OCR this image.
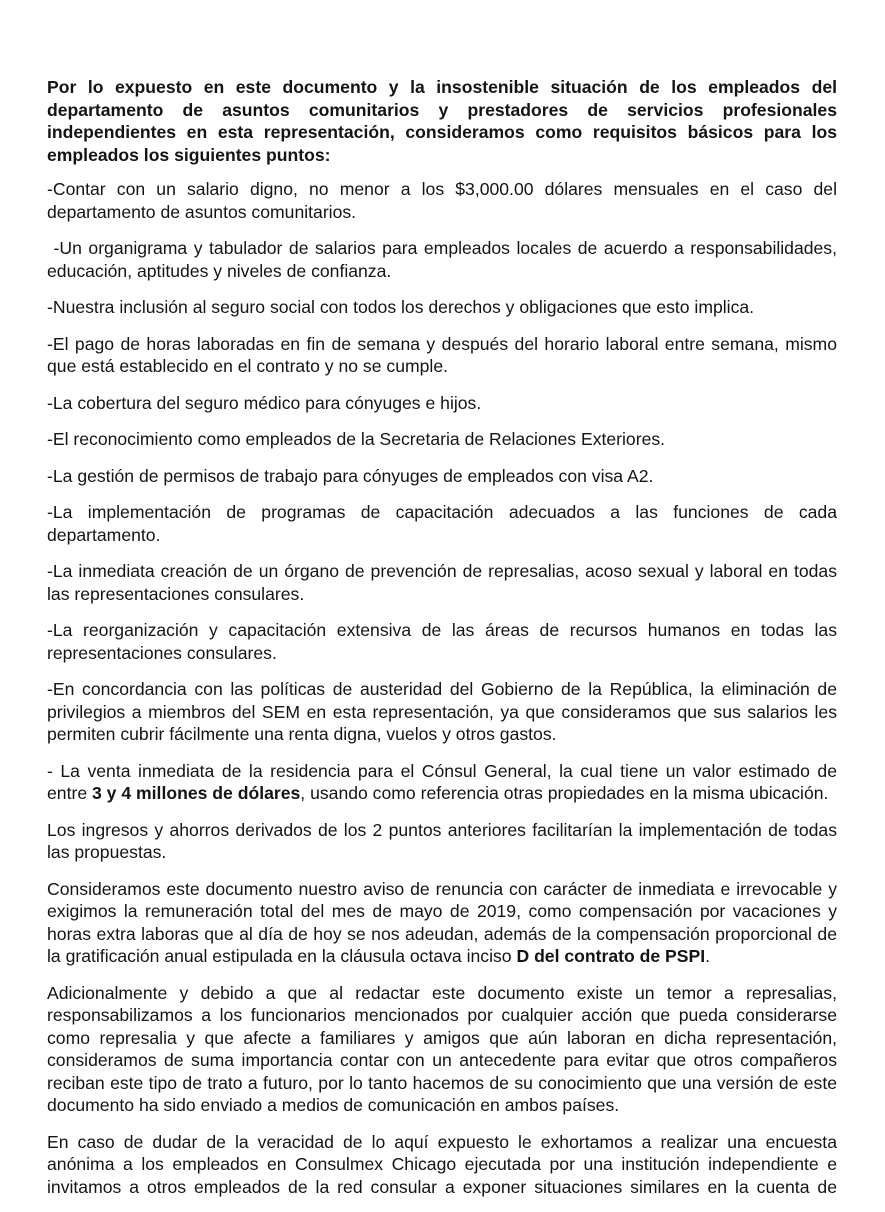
Por lo expuesto en este documento y la insostenible situación de los empleados del departamento de asuntos comunitarios y prestadores de servicios profesionales independientes en esta representación, consideramos como requisitos básicos para los empleados los siguientes puntos:

-Contar con un salario digno, no menor a los $3,000.00 dólares mensuales en el caso del departamento de asuntos comunitarios.

-Un organigrama y tabulador de salarios para empleados locales de acuerdo a responsabilidades, educación, aptitudes y niveles de confianza.

-Nuestra inclusión al seguro social con todos los derechos y obligaciones que esto implica.

-El pago de horas laboradas en fin de semana y después del horario laboral entre semana, mismo que está establecido en el contrato y no se cumple.

-La cobertura del seguro médico para cónyuges e hijos.

-El reconocimiento como empleados de la Secretaria de Relaciones Exteriores.

-La gestión de permisos de trabajo para cónyuges de empleados con visa A2.

-La implementación de programas de capacitación adecuados a las funciones de cada departamento.

-La inmediata creación de un órgano de prevención de represalias, acoso sexual y laboral en todas las representaciones consulares.

-La reorganización y capacitación extensiva de las áreas de recursos humanos en todas las representaciones consulares.

-En concordancia con las políticas de austeridad del Gobierno de la República, la eliminación de privilegios a miembros del SEM en esta representación, ya que consideramos que sus salarios les permiten cubrir fácilmente una renta digna, vuelos y otros gastos.

- La venta inmediata de la residencia para el Cónsul General, la cual tiene un valor estimado de entre 3 y 4 millones de dólares, usando como referencia otras propiedades en la misma ubicación.

Los ingresos y ahorros derivados de los 2 puntos anteriores facilitarían la implementación de todas las propuestas.

Consideramos este documento nuestro aviso de renuncia con carácter de inmediata e irrevocable y exigimos la remuneración total del mes de mayo de 2019, como compensación por vacaciones y horas extra laboras que al día de hoy se nos adeudan, además de la compensación proporcional de la gratificación anual estipulada en la cláusula octava inciso D del contrato de PSPI.

Adicionalmente y debido a que al redactar este documento existe un temor a represalias, responsabilizamos a los funcionarios mencionados por cualquier acción que pueda considerarse como represalia y que afecte a familiares y amigos que aún laboran en dicha representación, consideramos de suma importancia contar con un antecedente para evitar que otros compañeros reciban este tipo de trato a futuro, por lo tanto hacemos de su conocimiento que una versión de este documento ha sido enviado a medios de comunicación en ambos países.

En caso de dudar de la veracidad de lo aquí expuesto le exhortamos a realizar una encuesta anónima a los empleados en Consulmex Chicago ejecutada por una institución independiente e invitamos a otros empleados de la red consular a exponer situaciones similares en la cuenta de
